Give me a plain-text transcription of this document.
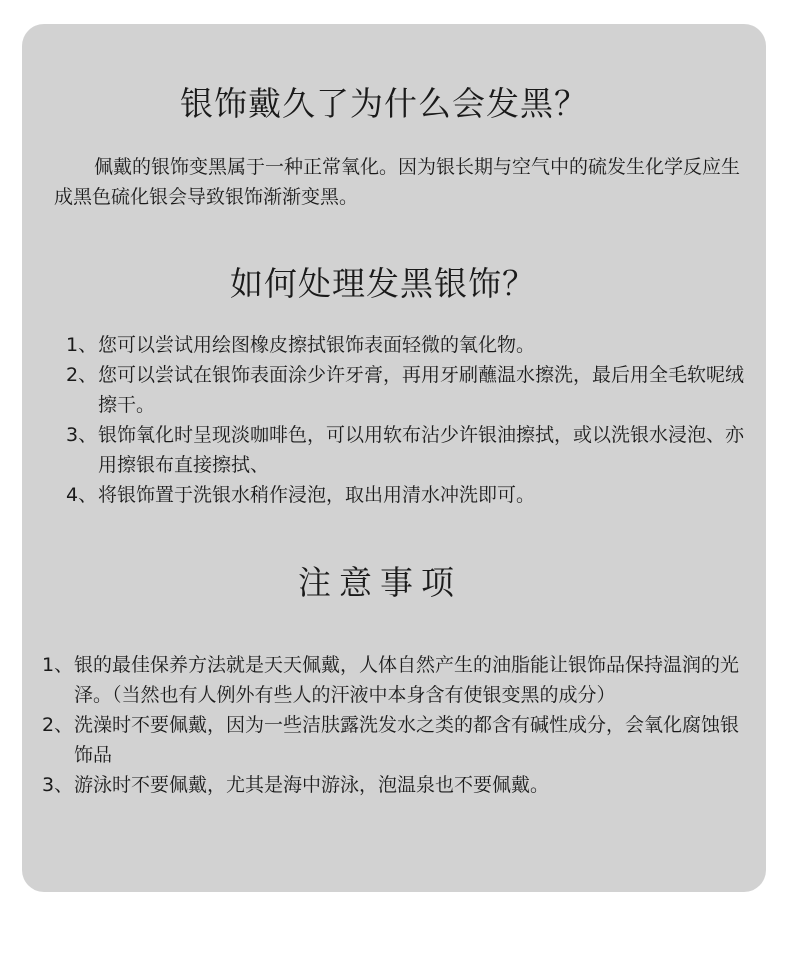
银饰戴久了为什么会发黑？

佩戴的银饰变黑属于一种正常氧化。因为银长期与空气中的硫发生化学反应生成黑色硫化银会导致银饰渐渐变黑。

如何处理发黑银饰？
1、 您可以尝试用绘图橡皮擦拭银饰表面轻微的氧化物。
2、 您可以尝试在银饰表面涂少许牙膏，再用牙刷蘸温水擦洗，最后用全毛软呢绒擦干。
3、 银饰氧化时呈现淡咖啡色，可以用软布沾少许银油擦拭，或以洗银水浸泡、亦用擦银布直接擦拭、
4、 将银饰置于洗银水稍作浸泡，取出用清水冲洗即可。
注意事项
1、 银的最佳保养方法就是天天佩戴，人体自然产生的油脂能让银饰品保持温润的光泽。（当然也有人例外有些人的汗液中本身含有使银变黑的成分）
2、 洗澡时不要佩戴，因为一些洁肤露洗发水之类的都含有碱性成分，会氧化腐蚀银饰品
3、 游泳时不要佩戴，尤其是海中游泳，泡温泉也不要佩戴。
